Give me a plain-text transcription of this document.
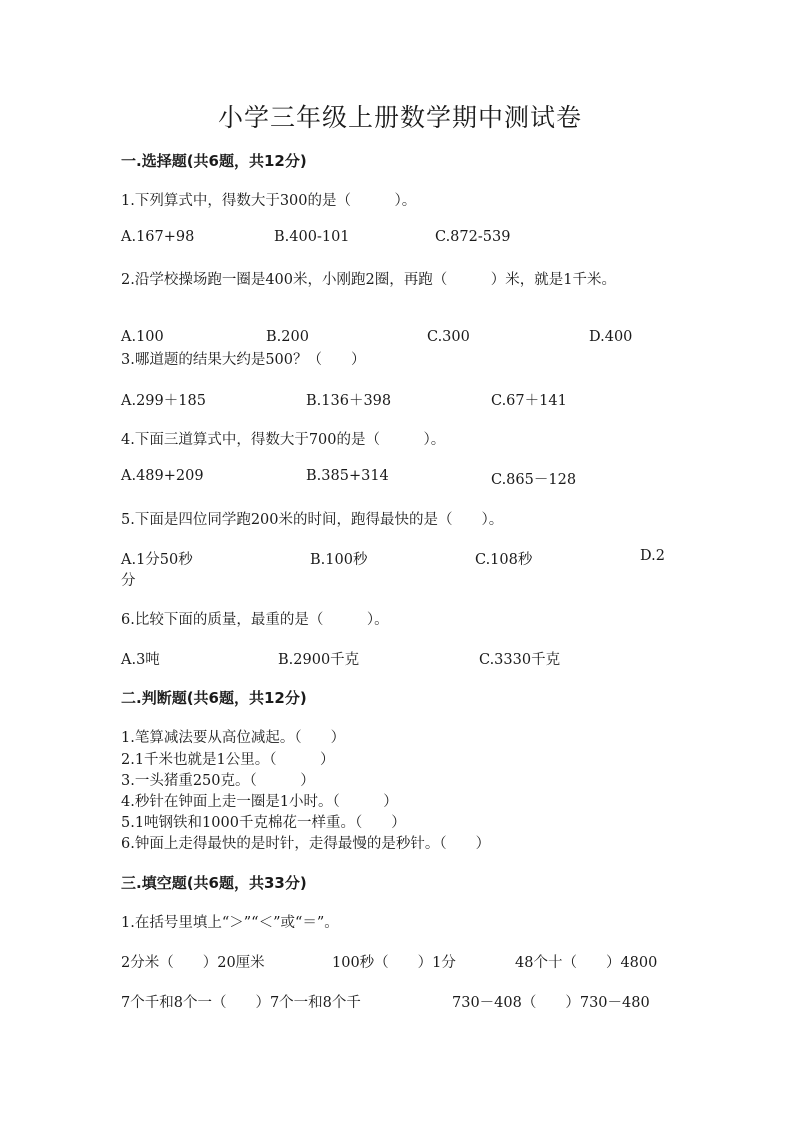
小学三年级上册数学期中测试卷
一.选择题(共6题，共12分)
1.下列算式中，得数大于300的是（　　　）。
A.167+98	B.400-101	C.872-539
2.沿学校操场跑一圈是400米，小刚跑2圈，再跑（　　　）米，就是1千米。
A.100	B.200	C.300	D.400
3.哪道题的结果大约是500？（　　）
A.299＋185	B.136＋398	C.67＋141
4.下面三道算式中，得数大于700的是（　　　）。
A.489+209	B.385+314	C.865－128
5.下面是四位同学跑200米的时间，跑得最快的是（　　）。
A.1分50秒	B.100秒	C.108秒	D.2
分
6.比较下面的质量，最重的是（　　　）。
A.3吨	B.2900千克	C.3330千克
二.判断题(共6题，共12分)
1.笔算减法要从高位减起。（　　）
2.1千米也就是1公里。（　　　）
3.一头猪重250克。（　　　）
4.秒针在钟面上走一圈是1小时。（　　　）
5.1吨钢铁和1000千克棉花一样重。（　　）
6.钟面上走得最快的是时针，走得最慢的是秒针。（　　）
三.填空题(共6题，共33分)
1.在括号里填上“＞”“＜”或“＝”。
2分米（　　）20厘米	100秒（　　）1分	48个十（　　）4800
7个千和8个一（　　）7个一和8个千	730－408（　　）730－480
